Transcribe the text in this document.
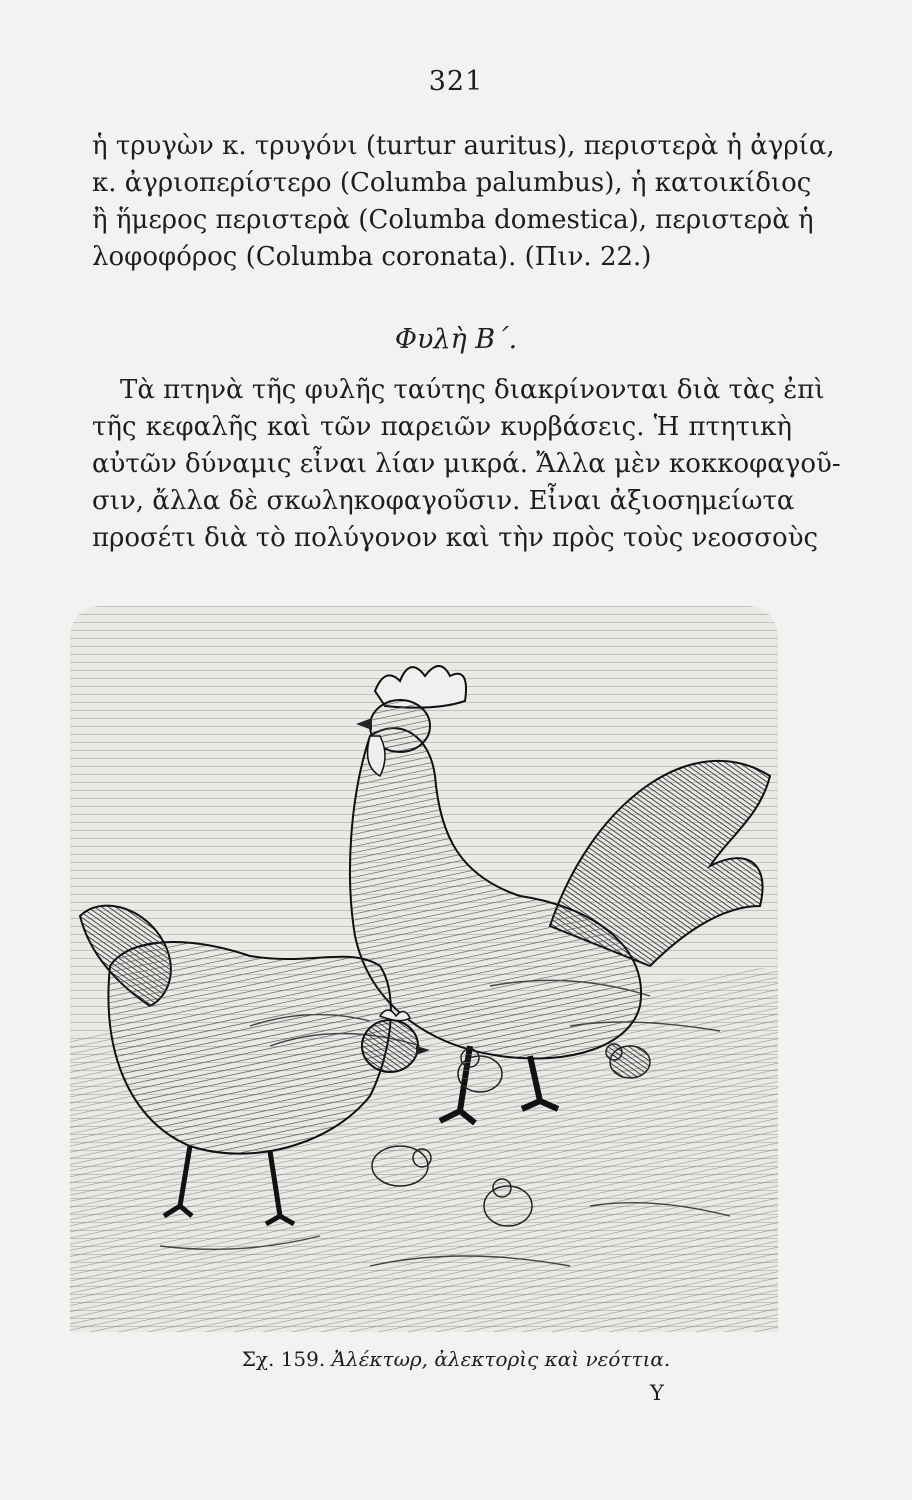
321
ἡ τρυγὼν κ. τρυγόνι (turtur auritus), περιστερὰ ἡ ἀγρία,
κ. ἀγριοπερίστερο (Columba palumbus), ἡ κατοικίδιος
ἢ ἥμερος περιστερὰ (Columba domestica), περιστερὰ ἡ
λοφοφόρος (Columba coronata). (Πιν. 22.)
Φυλὴ Β΄.
Τὰ πτηνὰ τῆς φυλῆς ταύτης διακρίνονται διὰ τὰς ἐπὶ
τῆς κεφαλῆς καὶ τῶν παρειῶν κυρβάσεις. Ἡ πτητικὴ
αὐτῶν δύναμις εἶναι λίαν μικρά. Ἄλλα μὲν κοκκοφαγοῦ-
σιν, ἄλλα δὲ σκωληκοφαγοῦσιν. Εἶναι ἀξιοσημείωτα
προσέτι διὰ τὸ πολύγονον καὶ τὴν πρὸς τοὺς νεοσσοὺς
Σχ. 159. Ἀλέκτωρ, ἀλεκτορὶς καὶ νεόττια.
Υ
